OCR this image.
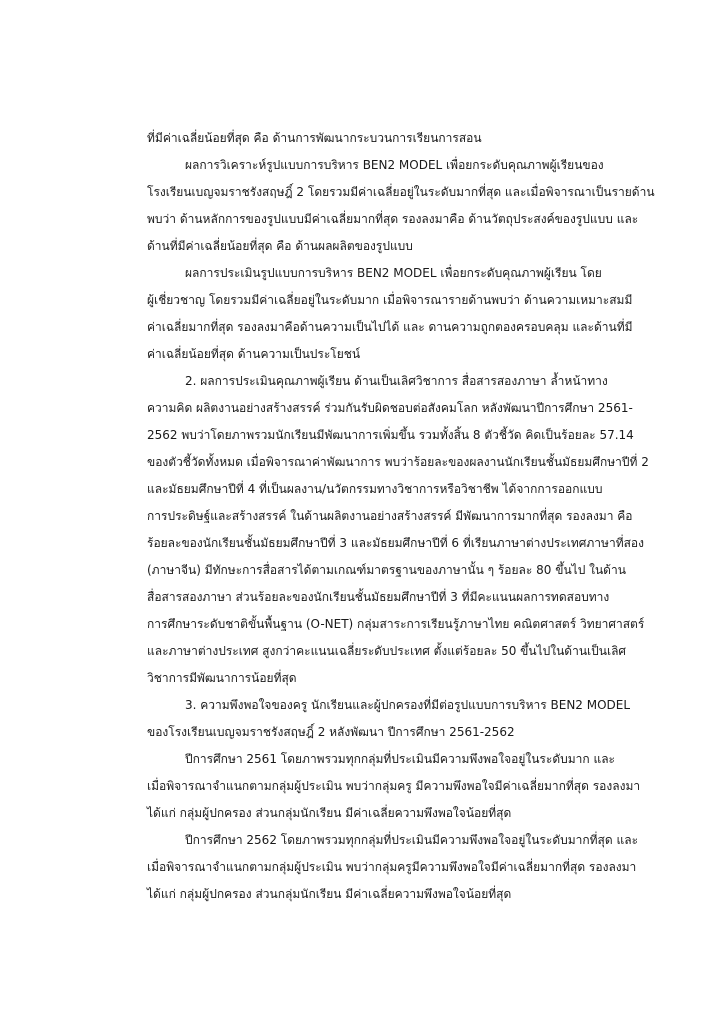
ที่มีค่าเฉลี่ยน้อยที่สุด คือ ด้านการพัฒนากระบวนการเรียนการสอน
ผลการวิเคราะห์รูปแบบการบริหาร BEN2 MODEL เพื่อยกระดับคุณภาพผู้เรียนของ
โรงเรียนเบญจมราชรังสฤษฎิ์ 2 โดยรวมมีค่าเฉลี่ยอยู่ในระดับมากที่สุด และเมื่อพิจารณาเป็นรายด้าน
พบว่า ด้านหลักการของรูปแบบมีค่าเฉลี่ยมากที่สุด รองลงมาคือ ด้านวัตถุประสงค์ของรูปแบบ และ
ด้านที่มีค่าเฉลี่ยน้อยที่สุด คือ ด้านผลผลิตของรูปแบบ
ผลการประเมินรูปแบบการบริหาร BEN2 MODEL เพื่อยกระดับคุณภาพผู้เรียน โดย
ผู้เชี่ยวชาญ โดยรวมมีค่าเฉลี่ยอยู่ในระดับมาก เมื่อพิจารณารายด้านพบว่า ด้านความเหมาะสมมี
ค่าเฉลี่ยมากที่สุด รองลงมาคือด้านความเป็นไปได้ และ ดานความถูกตองครอบคลุม และด้านที่มี
ค่าเฉลี่ยน้อยที่สุด ด้านความเป็นประโยชน์
2. ผลการประเมินคุณภาพผู้เรียน ด้านเป็นเลิศวิชาการ สื่อสารสองภาษา ล้ำหน้าทาง
ความคิด ผลิตงานอย่างสร้างสรรค์ ร่วมกันรับผิดชอบต่อสังคมโลก หลังพัฒนาปีการศึกษา 2561-
2562 พบว่าโดยภาพรวมนักเรียนมีพัฒนาการเพิ่มขึ้น รวมทั้งสิ้น 8 ตัวชี้วัด คิดเป็นร้อยละ 57.14
ของตัวชี้วัดทั้งหมด เมื่อพิจารณาค่าพัฒนาการ พบว่าร้อยละของผลงานนักเรียนชั้นมัธยมศึกษาปีที่ 2
และมัธยมศึกษาปีที่ 4 ที่เป็นผลงาน/นวัตกรรมทางวิชาการหรือวิชาชีพ ได้จากการออกแบบ
การประดิษฐ์และสร้างสรรค์ ในด้านผลิตงานอย่างสร้างสรรค์ มีพัฒนาการมากที่สุด รองลงมา คือ
ร้อยละของนักเรียนชั้นมัธยมศึกษาปีที่ 3 และมัธยมศึกษาปีที่ 6 ที่เรียนภาษาต่างประเทศภาษาที่สอง
(ภาษาจีน) มีทักษะการสื่อสารได้ตามเกณฑ์มาตรฐานของภาษานั้น ๆ ร้อยละ 80 ขึ้นไป ในด้าน
สื่อสารสองภาษา ส่วนร้อยละของนักเรียนชั้นมัธยมศึกษาปีที่ 3 ที่มีคะแนนผลการทดสอบทาง
การศึกษาระดับชาติขั้นพื้นฐาน (O-NET) กลุ่มสาระการเรียนรู้ภาษาไทย คณิตศาสตร์ วิทยาศาสตร์
และภาษาต่างประเทศ สูงกว่าคะแนนเฉลี่ยระดับประเทศ ตั้งแต่ร้อยละ 50 ขึ้นไปในด้านเป็นเลิศ
วิชาการมีพัฒนาการน้อยที่สุด
3. ความพึงพอใจของครู นักเรียนและผู้ปกครองที่มีต่อรูปแบบการบริหาร BEN2 MODEL
ของโรงเรียนเบญจมราชรังสฤษฎิ์ 2 หลังพัฒนา ปีการศึกษา 2561-2562
ปีการศึกษา 2561 โดยภาพรวมทุกกลุ่มที่ประเมินมีความพึงพอใจอยู่ในระดับมาก และ
เมื่อพิจารณาจำแนกตามกลุ่มผู้ประเมิน พบว่ากลุ่มครู มีความพึงพอใจมีค่าเฉลี่ยมากที่สุด รองลงมา
ได้แก่ กลุ่มผู้ปกครอง ส่วนกลุ่มนักเรียน มีค่าเฉลี่ยความพึงพอใจน้อยที่สุด
ปีการศึกษา 2562 โดยภาพรวมทุกกลุ่มที่ประเมินมีความพึงพอใจอยู่ในระดับมากที่สุด และ
เมื่อพิจารณาจำแนกตามกลุ่มผู้ประเมิน พบว่ากลุ่มครูมีความพึงพอใจมีค่าเฉลี่ยมากที่สุด รองลงมา
ได้แก่ กลุ่มผู้ปกครอง ส่วนกลุ่มนักเรียน มีค่าเฉลี่ยความพึงพอใจน้อยที่สุด
